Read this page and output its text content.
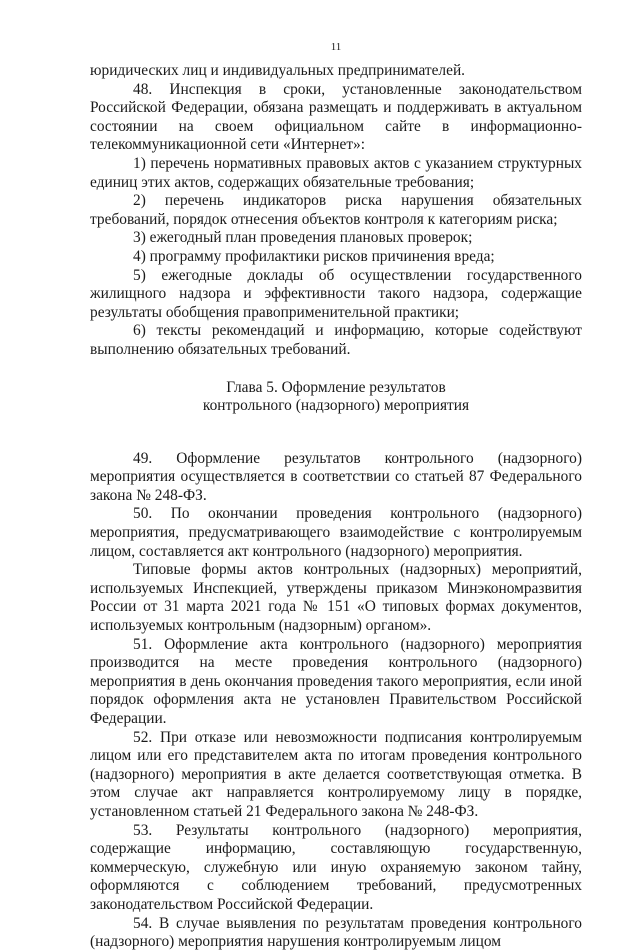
11

юридических лиц и индивидуальных предпринимателей.

48. Инспекция в сроки, установленные законодательством Российской Федерации, обязана размещать и поддерживать в актуальном состоянии на своем официальном сайте в информационно-телекоммуникационной сети «Интернет»:

1) перечень нормативных правовых актов с указанием структурных единиц этих актов, содержащих обязательные требования;

2) перечень индикаторов риска нарушения обязательных требований, порядок отнесения объектов контроля к категориям риска;

3) ежегодный план проведения плановых проверок;

4) программу профилактики рисков причинения вреда;

5) ежегодные доклады об осуществлении государственного жилищного надзора и эффективности такого надзора, содержащие результаты обобщения правоприменительной практики;

6) тексты рекомендаций и информацию, которые содействуют выполнению обязательных требований.

Глава 5. Оформление результатов

контрольного (надзорного) мероприятия

49. Оформление результатов контрольного (надзорного) мероприятия осуществляется в соответствии со статьей 87 Федерального закона № 248-ФЗ.

50. По окончании проведения контрольного (надзорного) мероприятия, предусматривающего взаимодействие с контролируемым лицом, составляется акт контрольного (надзорного) мероприятия.

Типовые формы актов контрольных (надзорных) мероприятий, используемых Инспекцией, утверждены приказом Минэкономразвития России от 31 марта 2021 года № 151 «О типовых формах документов, используемых контрольным (надзорным) органом».

51. Оформление акта контрольного (надзорного) мероприятия производится на месте проведения контрольного (надзорного) мероприятия в день окончания проведения такого мероприятия, если иной порядок оформления акта не установлен Правительством Российской Федерации.

52. При отказе или невозможности подписания контролируемым лицом или его представителем акта по итогам проведения контрольного (надзорного) мероприятия в акте делается соответствующая отметка. В этом случае акт направляется контролируемому лицу в порядке, установленном статьей 21 Федерального закона № 248-ФЗ.

53. Результаты контрольного (надзорного) мероприятия, содержащие информацию, составляющую государственную, коммерческую, служебную или иную охраняемую законом тайну, оформляются с соблюдением требований, предусмотренных законодательством Российской Федерации.

54. В случае выявления по результатам проведения контрольного (надзорного) мероприятия нарушения контролируемым лицом
